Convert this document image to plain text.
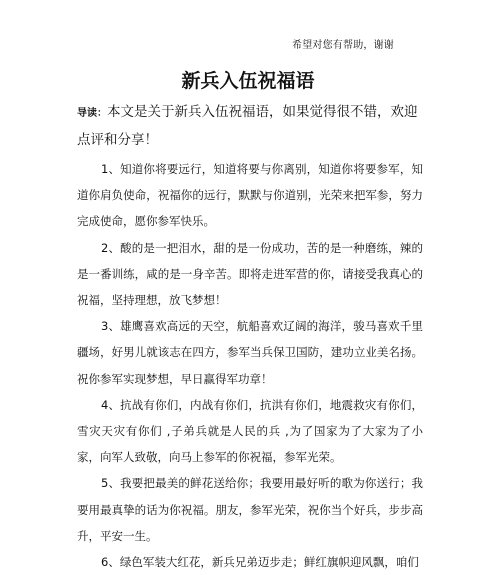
希望对您有帮助，谢谢
新兵入伍祝福语

导读：本文是关于新兵入伍祝福语，如果觉得很不错，欢迎点评和分享！

1、知道你将要远行，知道将要与你离别，知道你将要参军，知道你肩负使命，祝福你的远行，默默与你道别，光荣来把军参，努力完成使命，愿你参军快乐。

2、酸的是一把泪水，甜的是一份成功，苦的是一种磨练，辣的是一番训练，咸的是一身辛苦。即将走进军营的你，请接受我真心的祝福，坚持理想，放飞梦想！

3、雄鹰喜欢高远的天空，航船喜欢辽阔的海洋，骏马喜欢千里疆场，好男儿就该志在四方，参军当兵保卫国防，建功立业美名扬。祝你参军实现梦想，早日赢得军功章！

4、抗战有你们，内战有你们，抗洪有你们，地震救灾有你们，雪灾天灾有你们 ,子弟兵就是人民的兵 ,为了国家为了大家为了小家，向军人致敬，向马上参军的你祝福，参军光荣。

5、我要把最美的鲜花送给你；我要用最好听的歌为你送行；我要用最真挚的话为你祝福。朋友，参军光荣，祝你当个好兵，步步高升，平安一生。

6、绿色军装大红花，新兵兄弟迈步走；鲜红旗帜迎风飘，咱们
